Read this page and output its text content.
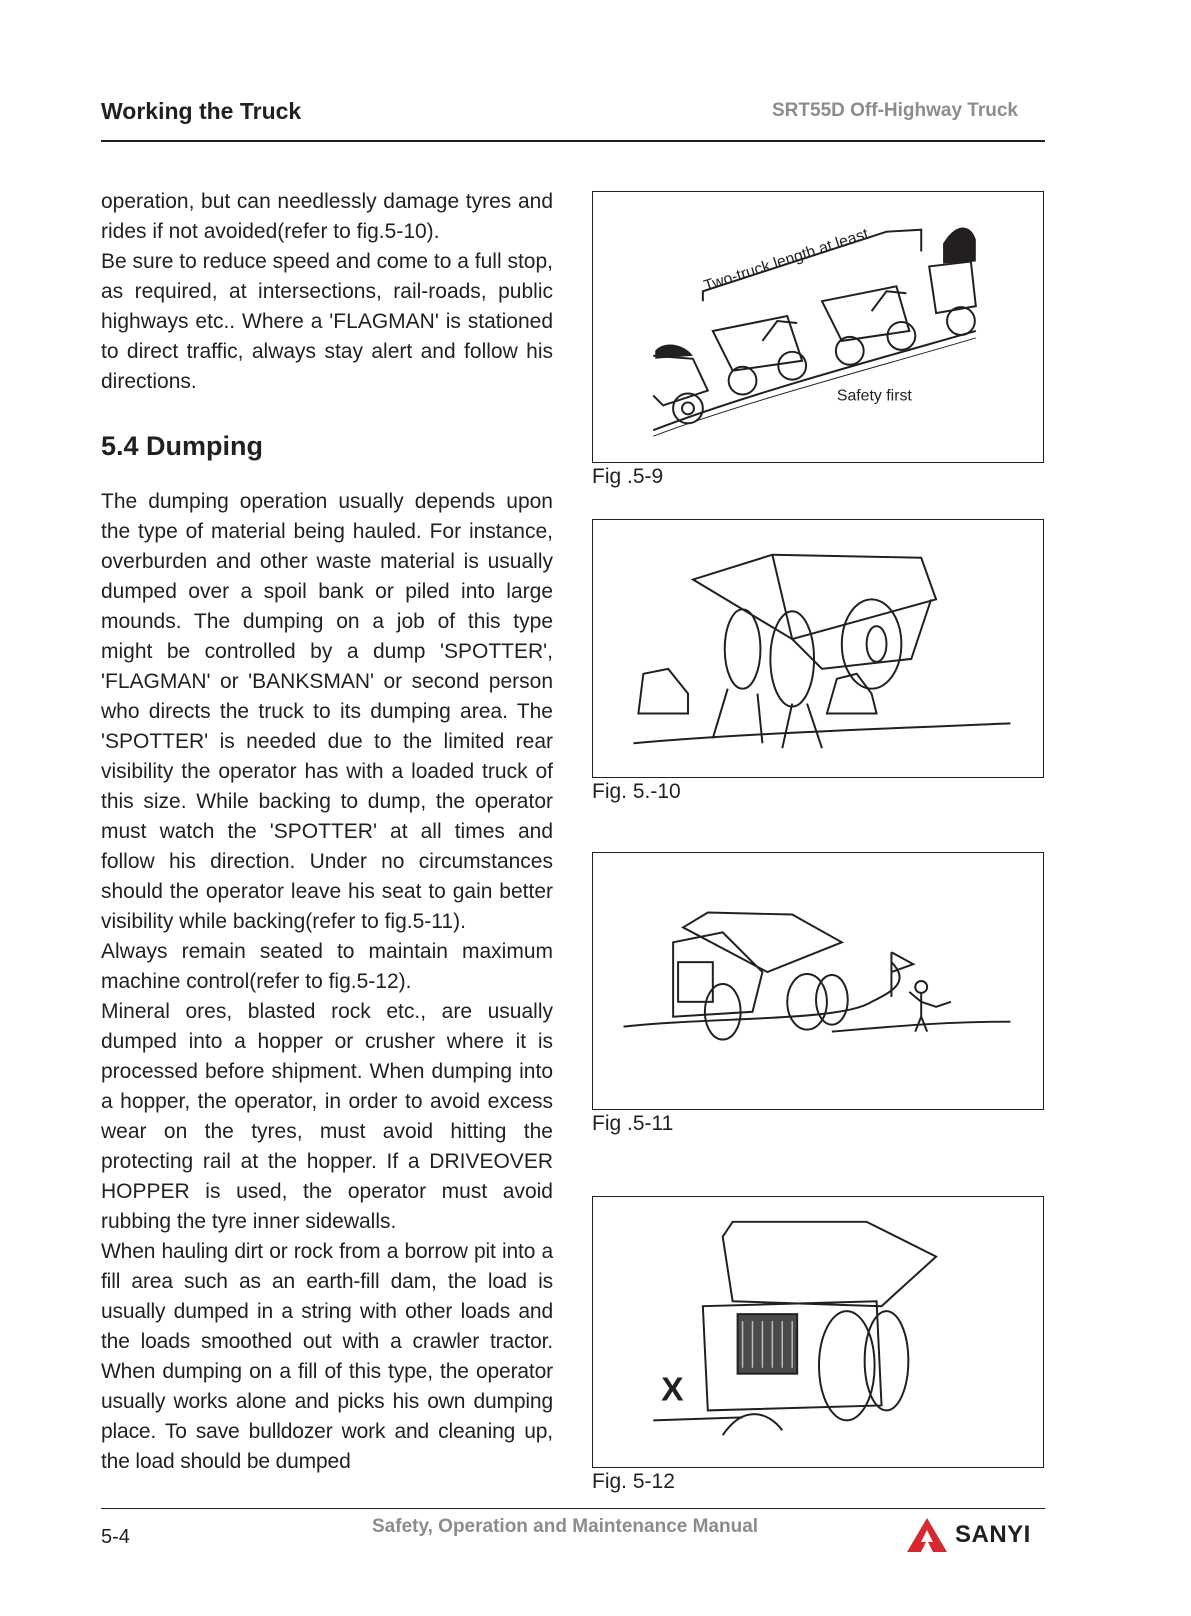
Working the Truck	SRT55D Off-Highway Truck

operation, but can needlessly damage tyres and rides if not avoided(refer to fig.5-10).

Be sure to reduce speed and come to a full stop, as required, at intersections, rail-roads, public highways etc.. Where a 'FLAGMAN' is stationed to direct traffic, always stay alert and follow his directions.

5.4 Dumping

The dumping operation usually depends upon the type of material being hauled. For instance, overburden and other waste material is usually dumped over a spoil bank or piled into large mounds. The dumping on a job of this type might be controlled by a dump 'SPOTTER', 'FLAGMAN' or 'BANKSMAN' or second person who directs the truck to its dumping area. The 'SPOTTER' is needed due to the limited rear visibility the operator has with a loaded truck of this size. While backing to dump, the operator must watch the 'SPOTTER' at all times and follow his direction. Under no circumstances should the operator leave his seat to gain better visibility while backing(refer to fig.5-11).

Always remain seated to maintain maximum machine control(refer to fig.5-12).

Mineral ores, blasted rock etc., are usually dumped into a hopper or crusher where it is processed before shipment. When dumping into a hopper, the operator, in order to avoid excess wear on the tyres, must avoid hitting the protecting rail at the hopper. If a DRIVEOVER HOPPER is used, the operator must avoid rubbing the tyre inner sidewalls.

When hauling dirt or rock from a borrow pit into a fill area such as an earth-fill dam, the load is usually dumped in a string with other loads and the loads smoothed out with a crawler tractor. When dumping on a fill of this type, the operator usually works alone and picks his own dumping place. To save bulldozer work and cleaning up, the load should be dumped

Two-truck length at least
Safety first
Fig .5-9
Fig. 5.-10
Fig .5-11
X
Fig. 5-12
5-4	Safety, Operation and Maintenance Manual	SANYI
